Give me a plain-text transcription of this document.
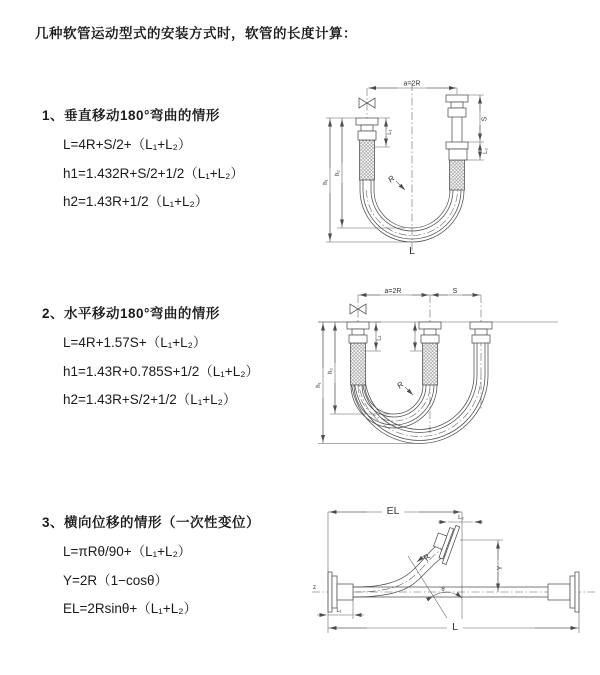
几种软管运动型式的安装方式时，软管的长度计算：
1、垂直移动180°弯曲的情形
L=4R+S/2+（L₁+L₂）
h1=1.432R+S/2+1/2（L₁+L₂）
h2=1.43R+1/2（L₁+L₂）
2、水平移动180°弯曲的情形
L=4R+1.57S+（L₁+L₂）
h1=1.43R+0.785S+1/2（L₁+L₂）
h2=1.43R+S/2+1/2（L₁+L₂）
3、横向位移的情形（一次性变位）
L=πRθ/90+（L₁+L₂）
Y=2R（1−cosθ）
EL=2Rsinθ+（L₁+L₂）
a=2R
S
L₂
L₁
h₂
h₁	R
L
a=2R	S
h₂
h₁
L₁
R
z	θ
EL
L₂
Y
R
L
L₁
